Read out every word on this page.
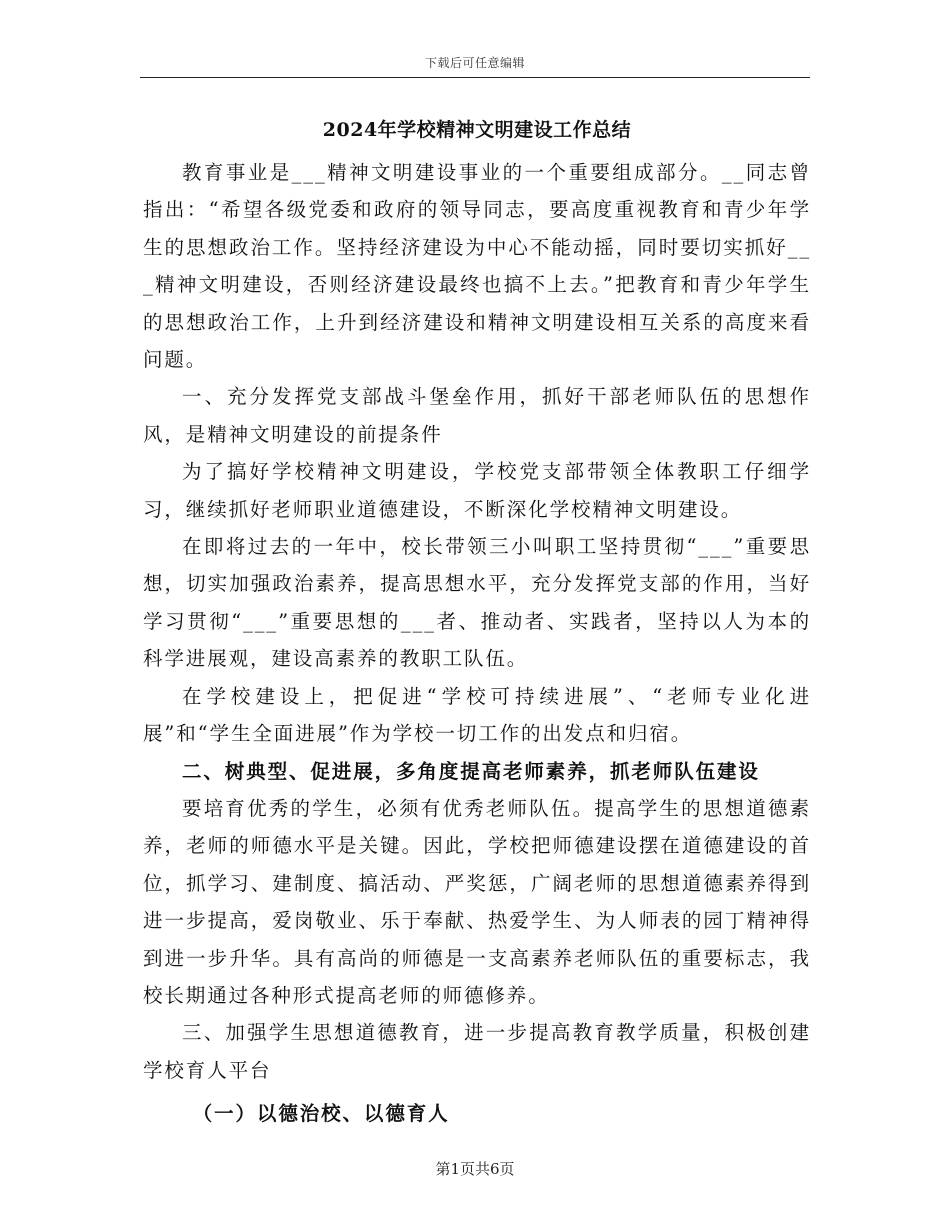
下载后可任意编辑
2024年学校精神文明建设工作总结

教育事业是___精神文明建设事业的一个重要组成部分。__同志曾指出：“希望各级党委和政府的领导同志，要高度重视教育和青少年学生的思想政治工作。坚持经济建设为中心不能动摇，同时要切实抓好___精神文明建设，否则经济建设最终也搞不上去。”把教育和青少年学生的思想政治工作，上升到经济建设和精神文明建设相互关系的高度来看问题。

一、充分发挥党支部战斗堡垒作用，抓好干部老师队伍的思想作风，是精神文明建设的前提条件

为了搞好学校精神文明建设，学校党支部带领全体教职工仔细学习，继续抓好老师职业道德建设，不断深化学校精神文明建设。

在即将过去的一年中，校长带领三小叫职工坚持贯彻“___”重要思想，切实加强政治素养，提高思想水平，充分发挥党支部的作用，当好学习贯彻“___”重要思想的___者、推动者、实践者，坚持以人为本的科学进展观，建设高素养的教职工队伍。

在学校建设上，把促进“学校可持续进展”、“老师专业化进展”和“学生全面进展”作为学校一切工作的出发点和归宿。

二、树典型、促进展，多角度提高老师素养，抓老师队伍建设

要培育优秀的学生，必须有优秀老师队伍。提高学生的思想道德素养，老师的师德水平是关键。因此，学校把师德建设摆在道德建设的首位，抓学习、建制度、搞活动、严奖惩，广阔老师的思想道德素养得到进一步提高，爱岗敬业、乐于奉献、热爱学生、为人师表的园丁精神得到进一步升华。具有高尚的师德是一支高素养老师队伍的重要标志，我校长期通过各种形式提高老师的师德修养。

三、加强学生思想道德教育，进一步提高教育教学质量，积极创建学校育人平台

（一）以德治校、以德育人

第1页共6页
